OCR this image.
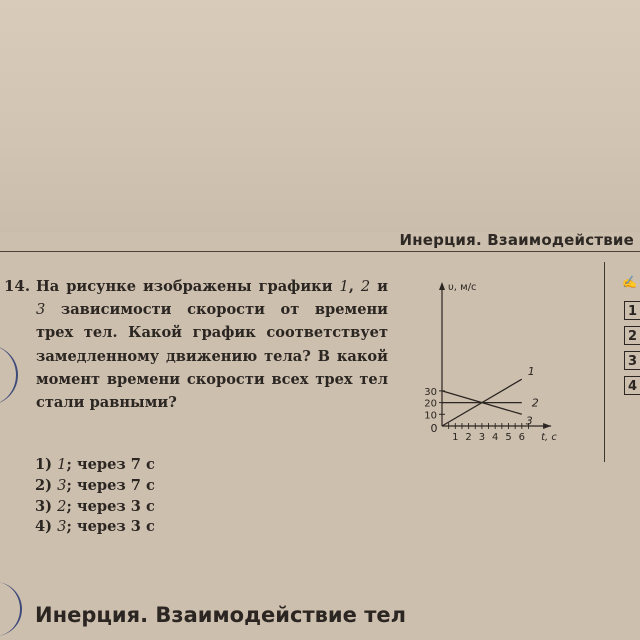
Инерция. Взаимодействие
14. На рисунке изображены графики 1, 2 и 3 зависимости скорости от времени трех тел. Какой график соответствует замедленному движению тела? В какой момент времени скорости всех трех тел стали равными?
1) 1; через 7 с
2) 3; через 7 с
3) 2; через 3 с
4) 3; через 3 с
10
20
30
1 2 3 4 5 6
0
1
2
3
υ, м/с
t, с
✍
1
2
3
4
Инерция. Взаимодействие тел
